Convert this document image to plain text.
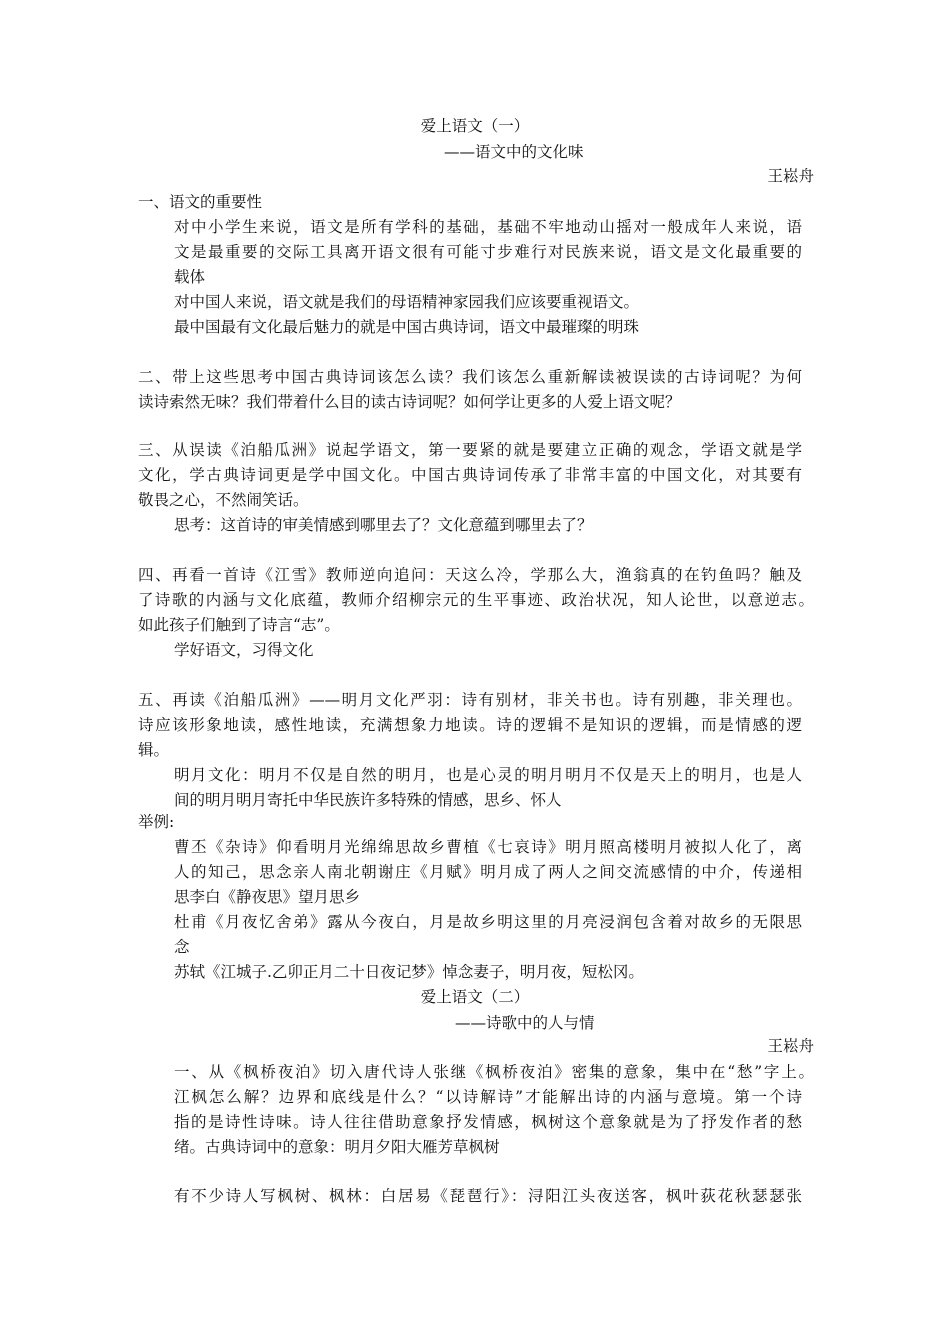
爱上语文（一）

——语文中的文化味

王崧舟

一、语文的重要性

对中小学生来说，语文是所有学科的基础，基础不牢地动山摇对一般成年人来说，语

文是最重要的交际工具离开语文很有可能寸步难行对民族来说，语文是文化最重要的

载体

对中国人来说，语文就是我们的母语精神家园我们应该要重视语文。

最中国最有文化最后魅力的就是中国古典诗词，语文中最璀璨的明珠

二、带上这些思考中国古典诗词该怎么读？我们该怎么重新解读被误读的古诗词呢？为何

读诗索然无味？我们带着什么目的读古诗词呢？如何学让更多的人爱上语文呢？

三、从误读《泊船瓜洲》说起学语文，第一要紧的就是要建立正确的观念，学语文就是学

文化，学古典诗词更是学中国文化。中国古典诗词传承了非常丰富的中国文化，对其要有

敬畏之心，不然闹笑话。

思考：这首诗的审美情感到哪里去了？文化意蕴到哪里去了？

四、再看一首诗《江雪》教师逆向追问：天这么冷，学那么大，渔翁真的在钓鱼吗？触及

了诗歌的内涵与文化底蕴，教师介绍柳宗元的生平事迹、政治状况，知人论世，以意逆志。

如此孩子们触到了诗言“志”。

学好语文，习得文化

五、再读《泊船瓜洲》——明月文化严羽：诗有别材，非关书也。诗有别趣，非关理也。

诗应该形象地读，感性地读，充满想象力地读。诗的逻辑不是知识的逻辑，而是情感的逻

辑。

明月文化：明月不仅是自然的明月，也是心灵的明月明月不仅是天上的明月，也是人

间的明月明月寄托中华民族许多特殊的情感，思乡、怀人

举例:

曹丕《杂诗》仰看明月光绵绵思故乡曹植《七哀诗》明月照高楼明月被拟人化了，离

人的知己，思念亲人南北朝谢庄《月赋》明月成了两人之间交流感情的中介，传递相

思李白《静夜思》望月思乡

杜甫《月夜忆舍弟》露从今夜白，月是故乡明这里的月亮浸润包含着对故乡的无限思

念

苏轼《江城子.乙卯正月二十日夜记梦》悼念妻子，明月夜，短松冈。

爱上语文（二）

——诗歌中的人与情

王崧舟

一、从《枫桥夜泊》切入唐代诗人张继《枫桥夜泊》密集的意象，集中在“愁”字上。

江枫怎么解？边界和底线是什么？“以诗解诗”才能解出诗的内涵与意境。第一个诗

指的是诗性诗味。诗人往往借助意象抒发情感，枫树这个意象就是为了抒发作者的愁

绪。古典诗词中的意象：明月夕阳大雁芳草枫树

有不少诗人写枫树、枫林：白居易《琵琶行》：浔阳江头夜送客，枫叶荻花秋瑟瑟张
